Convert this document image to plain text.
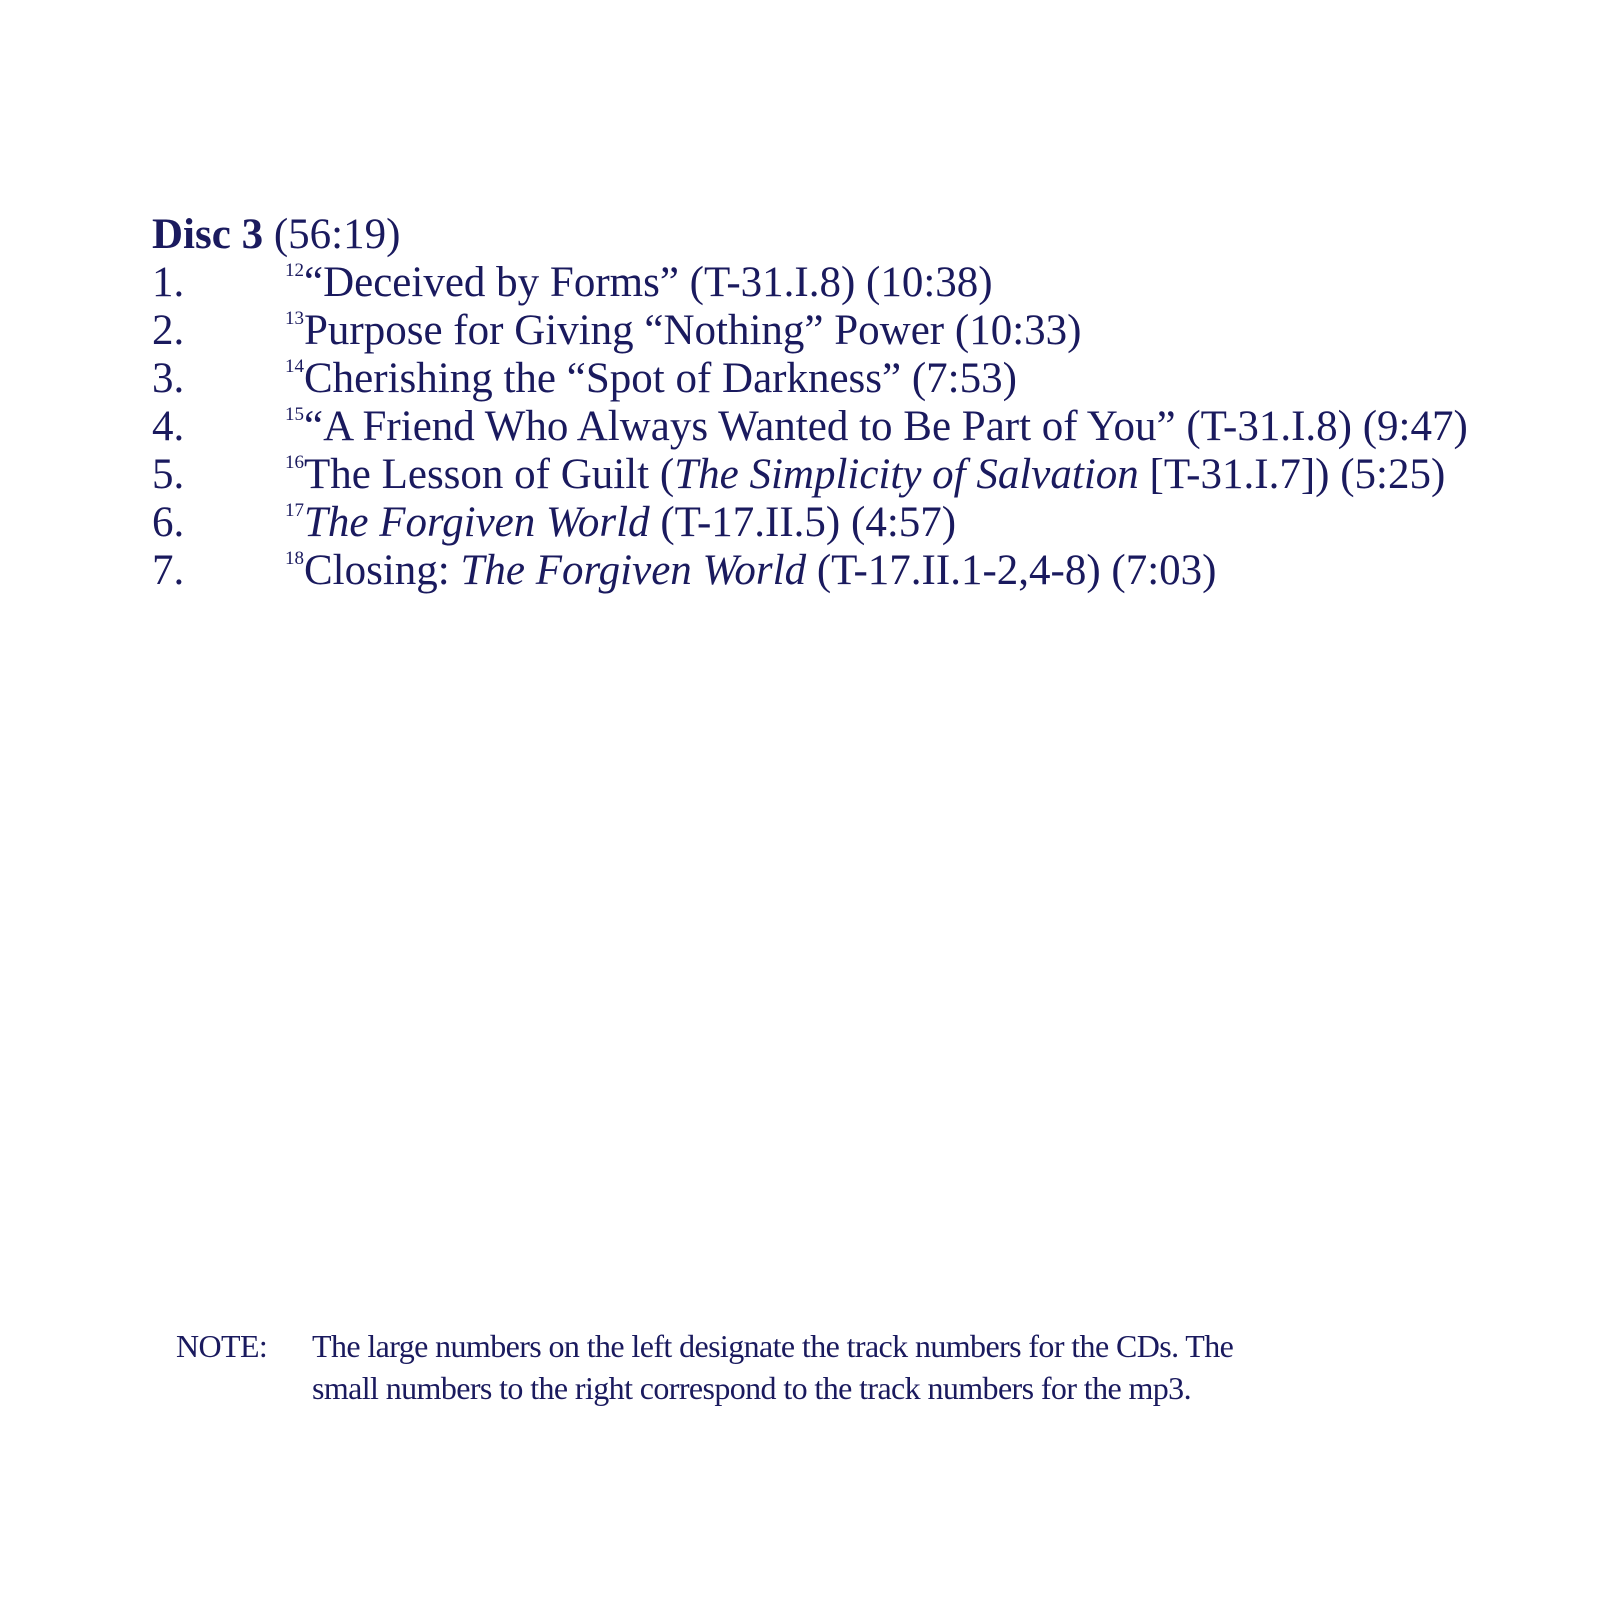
Disc 3 (56:19)

1.	$^{12}$“Deceived by Forms” (T-31.I.8) (10:38)
2.	$^{13}$Purpose for Giving “Nothing” Power (10:33)
3.	$^{14}$Cherishing the “Spot of Darkness” (7:53)
4.	$^{15}$“A Friend Who Always Wanted to Be Part of You” (T-31.I.8) (9:47)
5.	$^{16}$The Lesson of Guilt (The Simplicity of Salvation [T-31.I.7]) (5:25)
6.	$^{17}$The Forgiven World (T-17.II.5) (4:57)
7.	$^{18}$Closing: The Forgiven World (T-17.II.1-2,4-8) (7:03)
NOTE:	The large numbers on the left designate the track numbers for the CDs. The
small numbers to the right correspond to the track numbers for the mp3.
